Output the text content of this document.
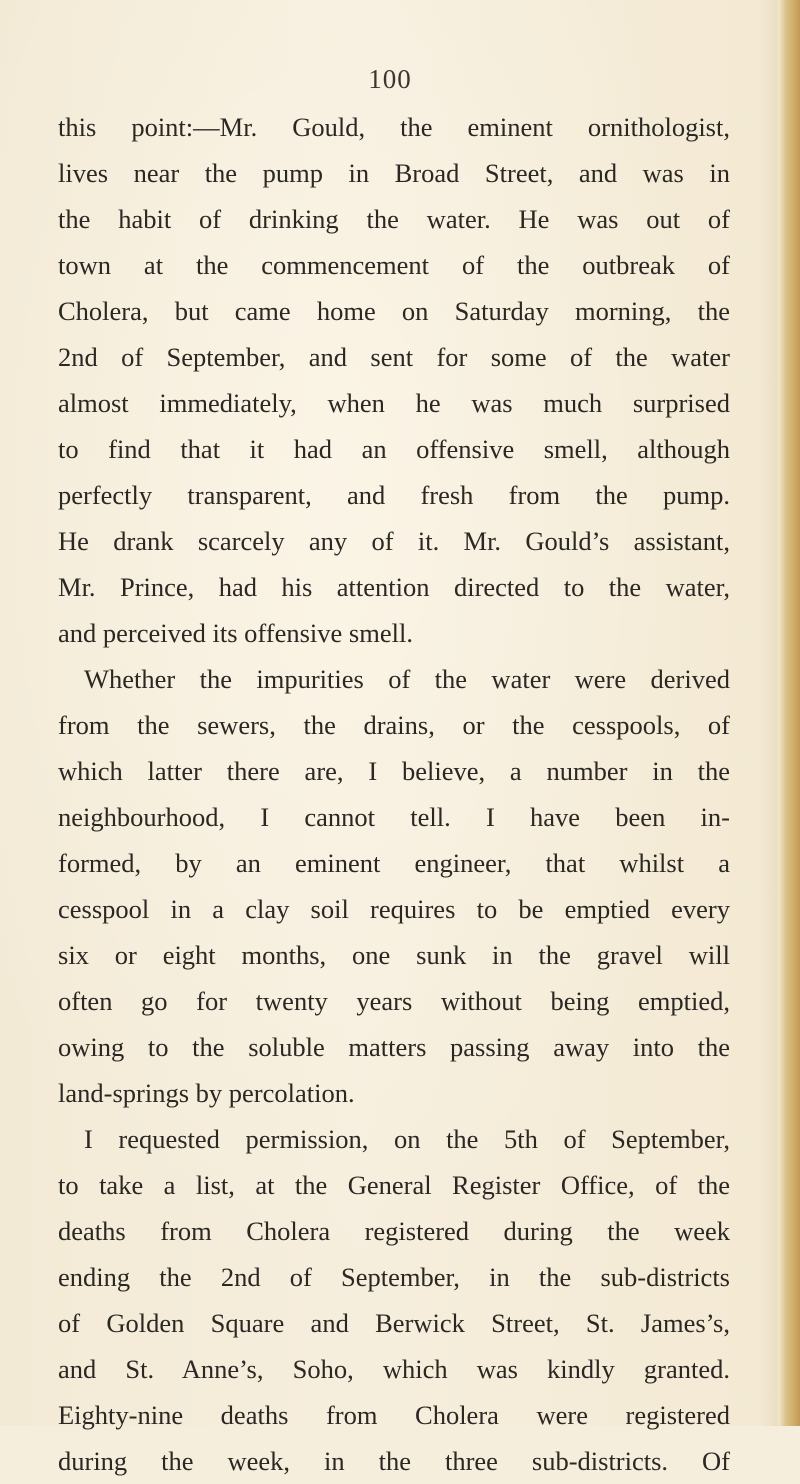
100
this point:—Mr. Gould, the eminent ornithologist,
lives near the pump in Broad Street, and was in
the habit of drinking the water. He was out of
town at the commencement of the outbreak of
Cholera, but came home on Saturday morning, the
2nd of September, and sent for some of the water
almost immediately, when he was much surprised
to find that it had an offensive smell, although
perfectly transparent, and fresh from the pump.
He drank scarcely any of it. Mr. Gould’s assistant,
Mr. Prince, had his attention directed to the water,
and perceived its offensive smell.
Whether the impurities of the water were derived
from the sewers, the drains, or the cesspools, of
which latter there are, I believe, a number in the
neighbourhood, I cannot tell. I have been in-
formed, by an eminent engineer, that whilst a
cesspool in a clay soil requires to be emptied every
six or eight months, one sunk in the gravel will
often go for twenty years without being emptied,
owing to the soluble matters passing away into the
land-springs by percolation.
I requested permission, on the 5th of September,
to take a list, at the General Register Office, of the
deaths from Cholera registered during the week
ending the 2nd of September, in the sub-districts
of Golden Square and Berwick Street, St. James’s,
and St. Anne’s, Soho, which was kindly granted.
Eighty-nine deaths from Cholera were registered
during the week, in the three sub-districts. Of
